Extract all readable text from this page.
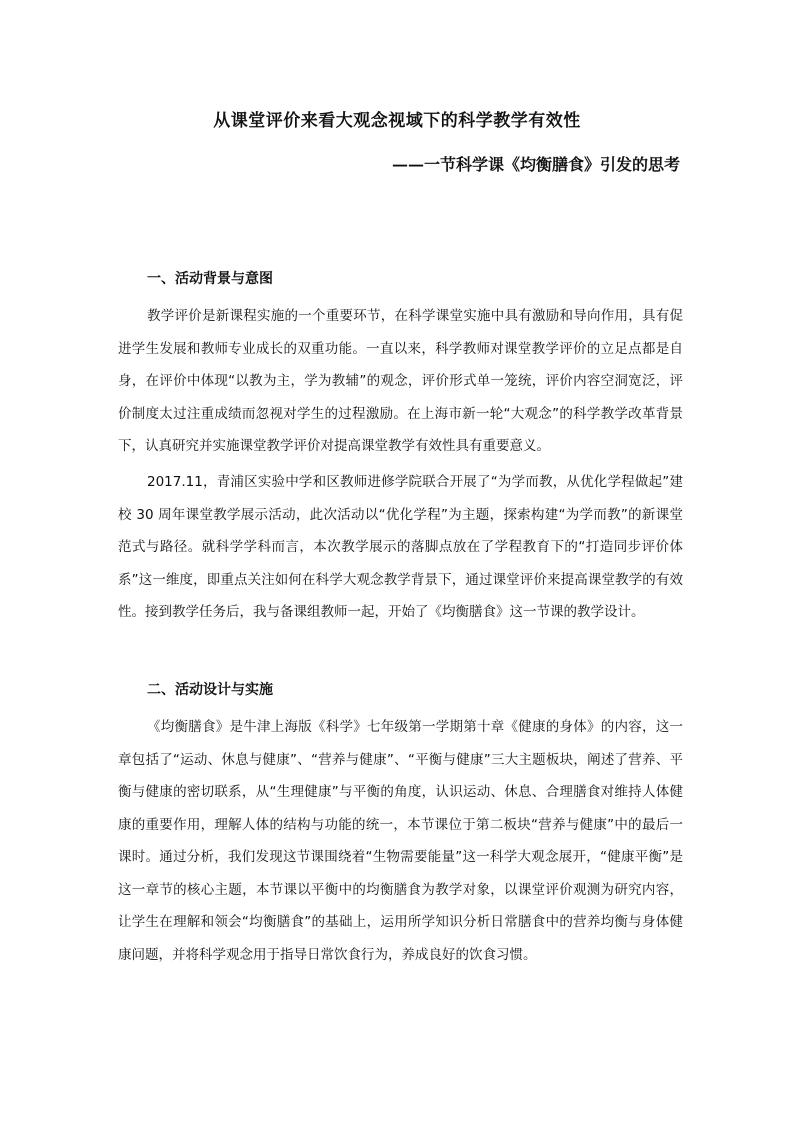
从课堂评价来看大观念视域下的科学教学有效性
——一节科学课《均衡膳食》引发的思考
一、活动背景与意图

教学评价是新课程实施的一个重要环节，在科学课堂实施中具有激励和导向作用，具有促进学生发展和教师专业成长的双重功能。一直以来，科学教师对课堂教学评价的立足点都是自身，在评价中体现“以教为主，学为教辅”的观念，评价形式单一笼统，评价内容空洞宽泛，评价制度太过注重成绩而忽视对学生的过程激励。在上海市新一轮“大观念”的科学教学改革背景下，认真研究并实施课堂教学评价对提高课堂教学有效性具有重要意义。

2017.11，青浦区实验中学和区教师进修学院联合开展了“为学而教，从优化学程做起”建校 30 周年课堂教学展示活动，此次活动以“优化学程”为主题，探索构建“为学而教”的新课堂范式与路径。就科学学科而言，本次教学展示的落脚点放在了学程教育下的“打造同步评价体系”这一维度，即重点关注如何在科学大观念教学背景下，通过课堂评价来提高课堂教学的有效性。接到教学任务后，我与备课组教师一起，开始了《均衡膳食》这一节课的教学设计。

二、活动设计与实施

《均衡膳食》是牛津上海版《科学》七年级第一学期第十章《健康的身体》的内容，这一章包括了“运动、休息与健康”、“营养与健康”、“平衡与健康”三大主题板块，阐述了营养、平衡与健康的密切联系，从“生理健康”与平衡的角度，认识运动、休息、合理膳食对维持人体健康的重要作用，理解人体的结构与功能的统一，本节课位于第二板块“营养与健康”中的最后一课时。通过分析，我们发现这节课围绕着“生物需要能量”这一科学大观念展开，“健康平衡”是这一章节的核心主题，本节课以平衡中的均衡膳食为教学对象，以课堂评价观测为研究内容，让学生在理解和领会“均衡膳食”的基础上，运用所学知识分析日常膳食中的营养均衡与身体健康问题，并将科学观念用于指导日常饮食行为，养成良好的饮食习惯。
